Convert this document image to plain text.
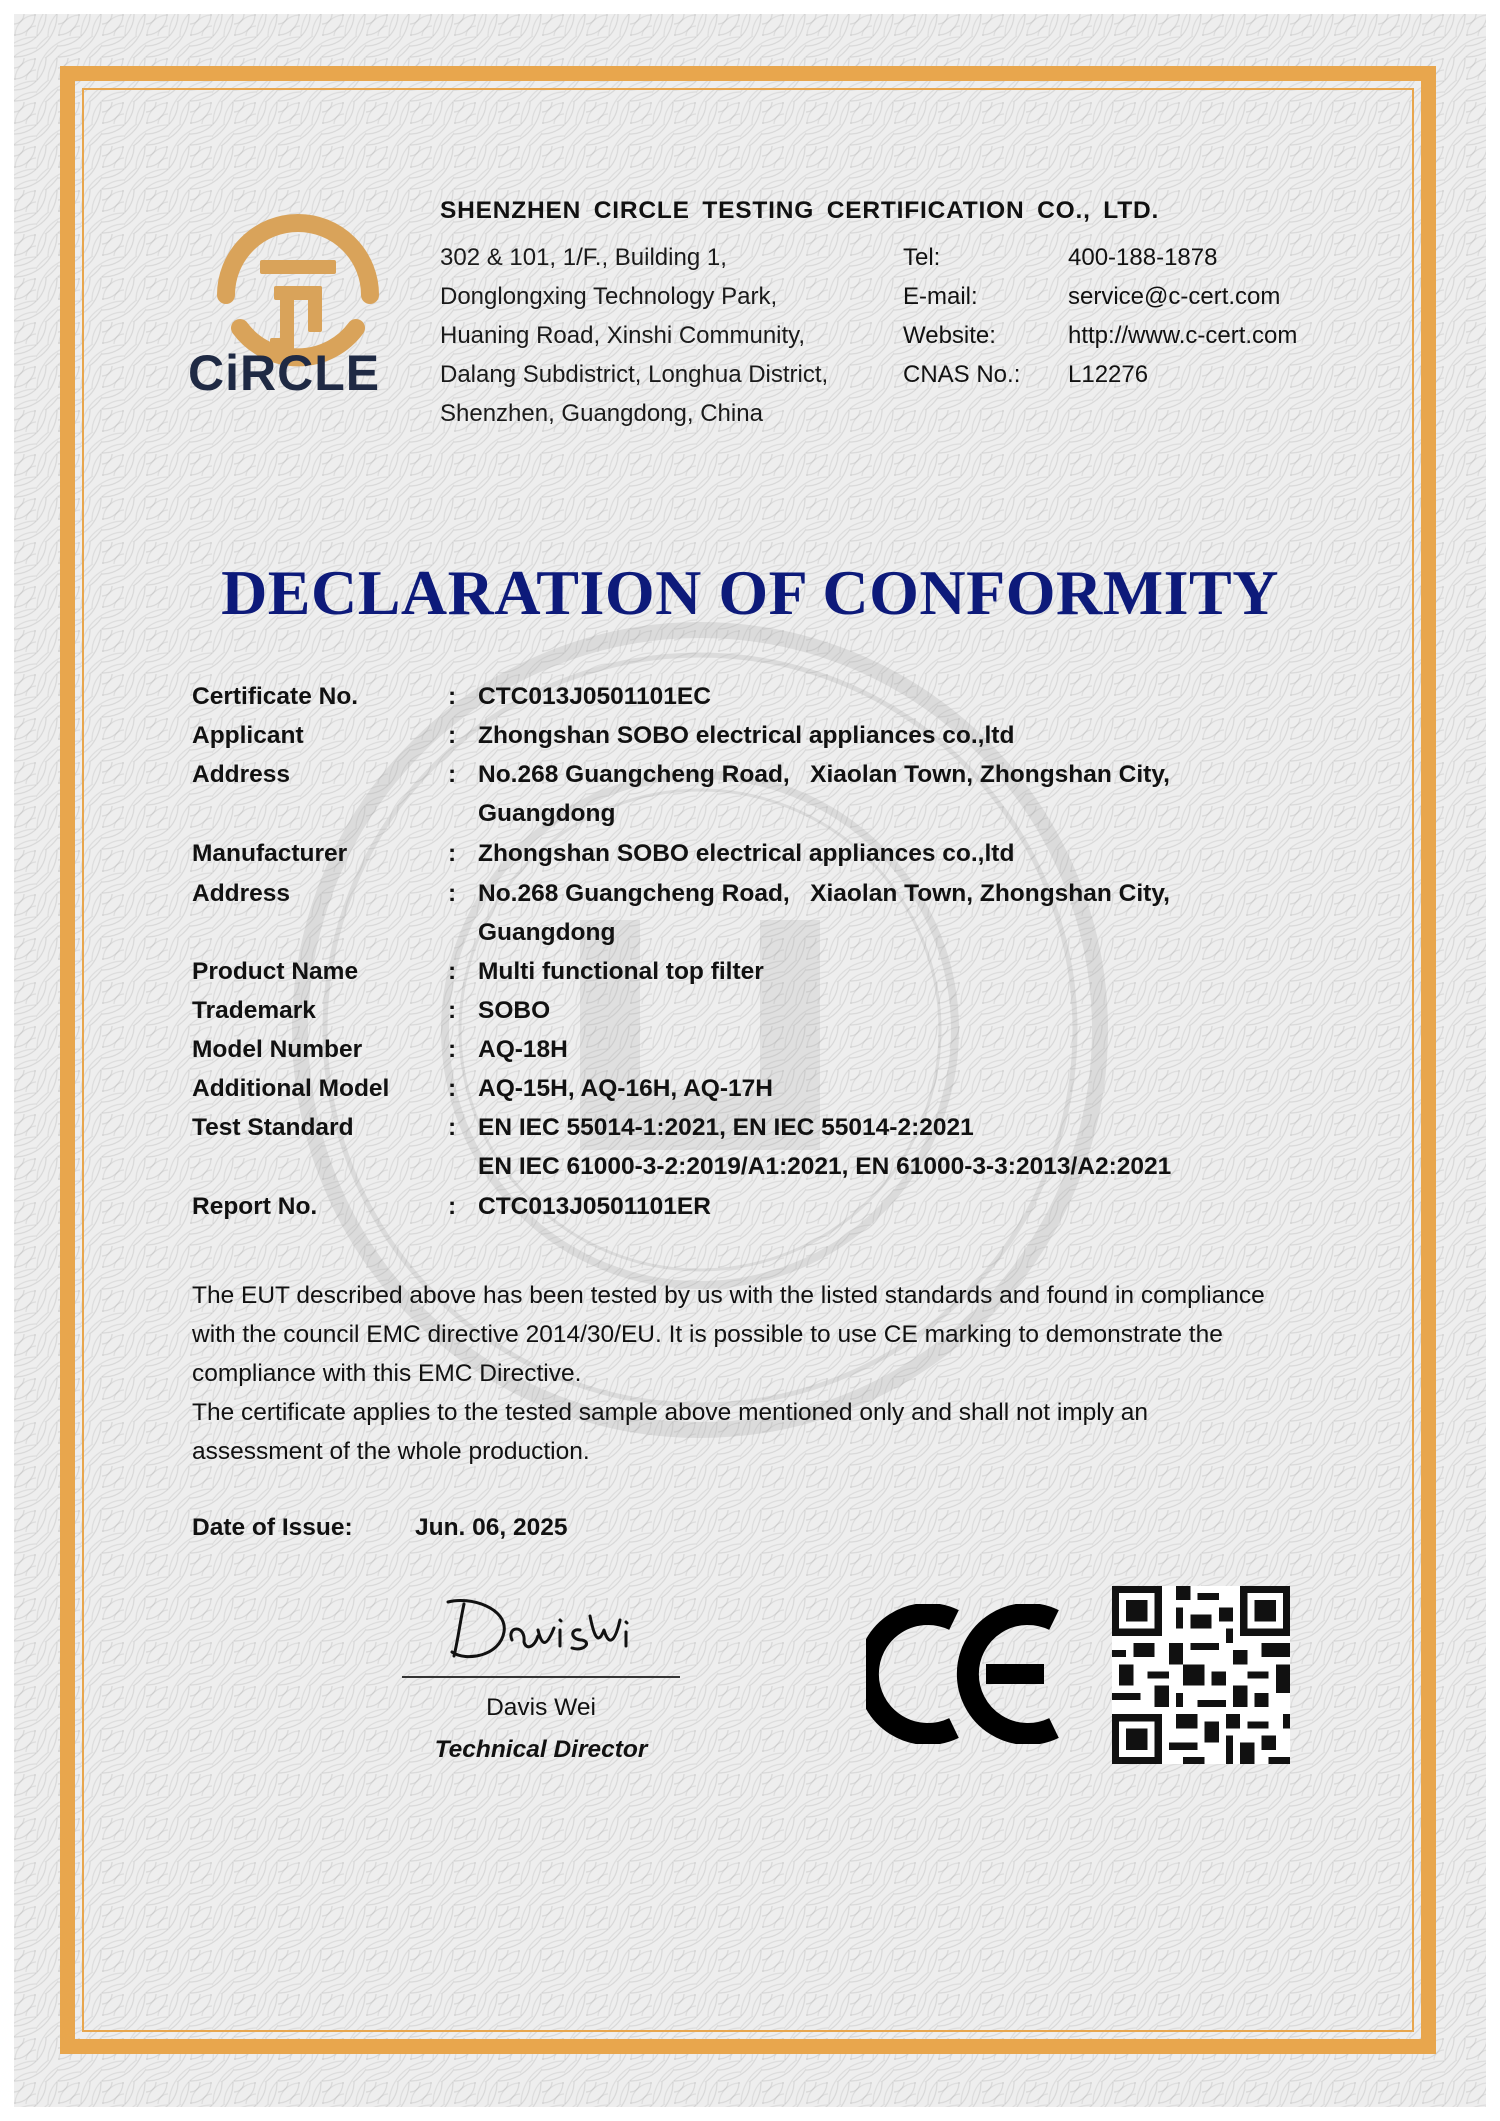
CiRCLE
SHENZHEN CIRCLE TESTING CERTIFICATION CO., LTD.
302 & 101, 1/F., Building 1,
Donglongxing Technology Park,
Huaning Road, Xinshi Community,
Dalang Subdistrict, Longhua District,
Shenzhen, Guangdong, China
Tel:	400-188-1878
E-mail:	service@c-cert.com
Website:	http://www.c-cert.com
CNAS No.: L12276
DECLARATION OF CONFORMITY
Certificate No.	: CTC013J0501101EC
Applicant	: Zhongshan SOBO electrical appliances co.,ltd
Address	: No.268 Guangcheng Road,   Xiaolan Town, Zhongshan City,
Guangdong
Manufacturer	: Zhongshan SOBO electrical appliances co.,ltd
Address	: No.268 Guangcheng Road,   Xiaolan Town, Zhongshan City,
Guangdong
Product Name	: Multi functional top filter
Trademark	: SOBO
Model Number	: AQ-18H
Additional Model : AQ-15H, AQ-16H, AQ-17H
Test Standard	: EN IEC 55014-1:2021, EN IEC 55014-2:2021
EN IEC 61000-3-2:2019/A1:2021, EN 61000-3-3:2013/A2:2021
Report No.	: CTC013J0501101ER
The EUT described above has been tested by us with the listed standards and found in compliance
with the council EMC directive 2014/30/EU. It is possible to use CE marking to demonstrate the
compliance with this EMC Directive.
The certificate applies to the tested sample above mentioned only and shall not imply an
assessment of the whole production.
Date of Issue:	Jun. 06, 2025
Davis Wei
Technical Director
